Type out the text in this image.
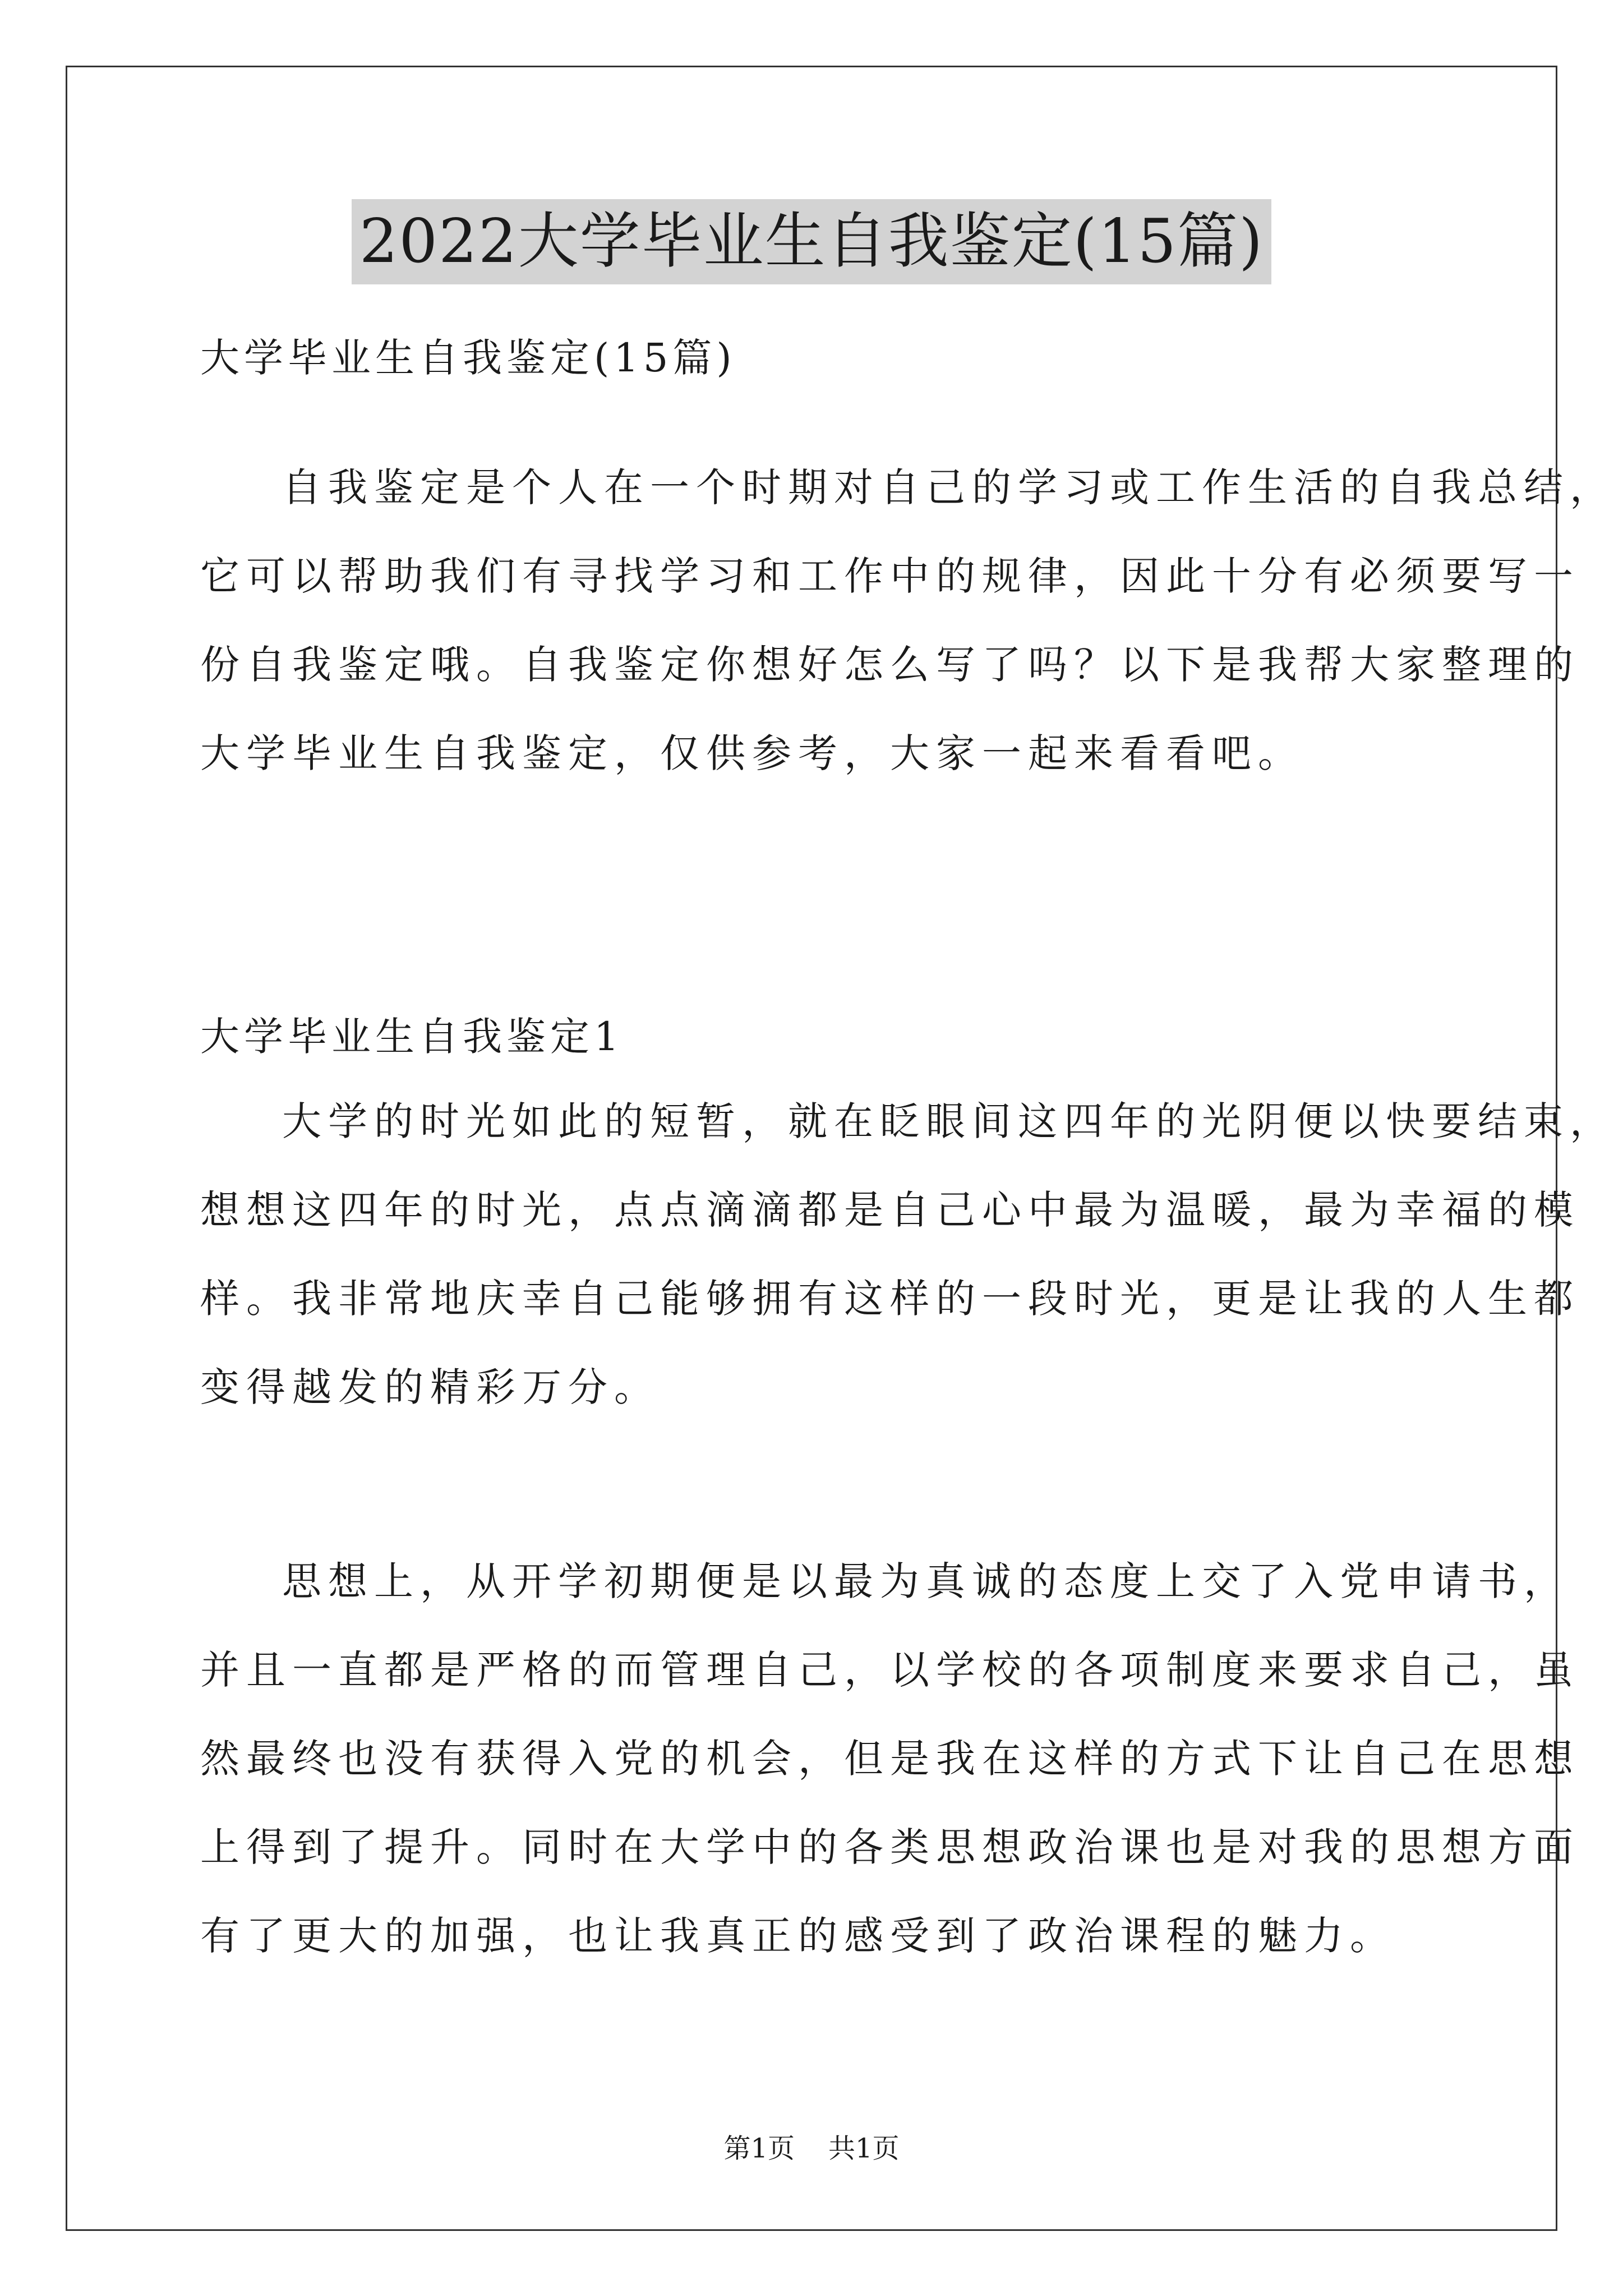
2022大学毕业生自我鉴定(15篇)
大学毕业生自我鉴定(15篇)
自我鉴定是个人在一个时期对自己的学习或工作生活的自我总结，
它可以帮助我们有寻找学习和工作中的规律，因此十分有必须要写一
份自我鉴定哦。自我鉴定你想好怎么写了吗？以下是我帮大家整理的
大学毕业生自我鉴定，仅供参考，大家一起来看看吧。
大学毕业生自我鉴定1
大学的时光如此的短暂，就在眨眼间这四年的光阴便以快要结束，
想想这四年的时光，点点滴滴都是自己心中最为温暖，最为幸福的模
样。我非常地庆幸自己能够拥有这样的一段时光，更是让我的人生都
变得越发的精彩万分。
思想上，从开学初期便是以最为真诚的态度上交了入党申请书，
并且一直都是严格的而管理自己，以学校的各项制度来要求自己，虽
然最终也没有获得入党的机会，但是我在这样的方式下让自己在思想
上得到了提升。同时在大学中的各类思想政治课也是对我的思想方面
有了更大的加强，也让我真正的感受到了政治课程的魅力。
第1页 共1页
